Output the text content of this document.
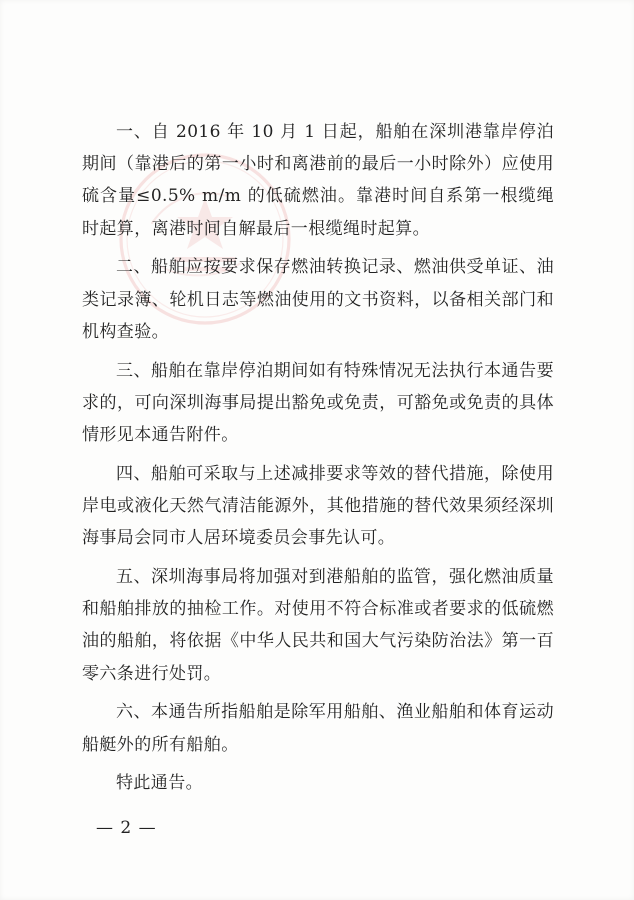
一、自 2016 年 10 月 1 日起，船舶在深圳港靠岸停泊期间（靠港后的第一小时和离港前的最后一小时除外）应使用硫含量≤0.5% m/m 的低硫燃油。靠港时间自系第一根缆绳时起算，离港时间自解最后一根缆绳时起算。

二、船舶应按要求保存燃油转换记录、燃油供受单证、油类记录簿、轮机日志等燃油使用的文书资料，以备相关部门和机构查验。

三、船舶在靠岸停泊期间如有特殊情况无法执行本通告要求的，可向深圳海事局提出豁免或免责，可豁免或免责的具体情形见本通告附件。

四、船舶可采取与上述减排要求等效的替代措施，除使用岸电或液化天然气清洁能源外，其他措施的替代效果须经深圳海事局会同市人居环境委员会事先认可。

五、深圳海事局将加强对到港船舶的监管，强化燃油质量和船舶排放的抽检工作。对使用不符合标准或者要求的低硫燃油的船舶，将依据《中华人民共和国大气污染防治法》第一百零六条进行处罚。

六、本通告所指船舶是除军用船舶、渔业船舶和体育运动船艇外的所有船舶。

特此通告。

— 2 —
